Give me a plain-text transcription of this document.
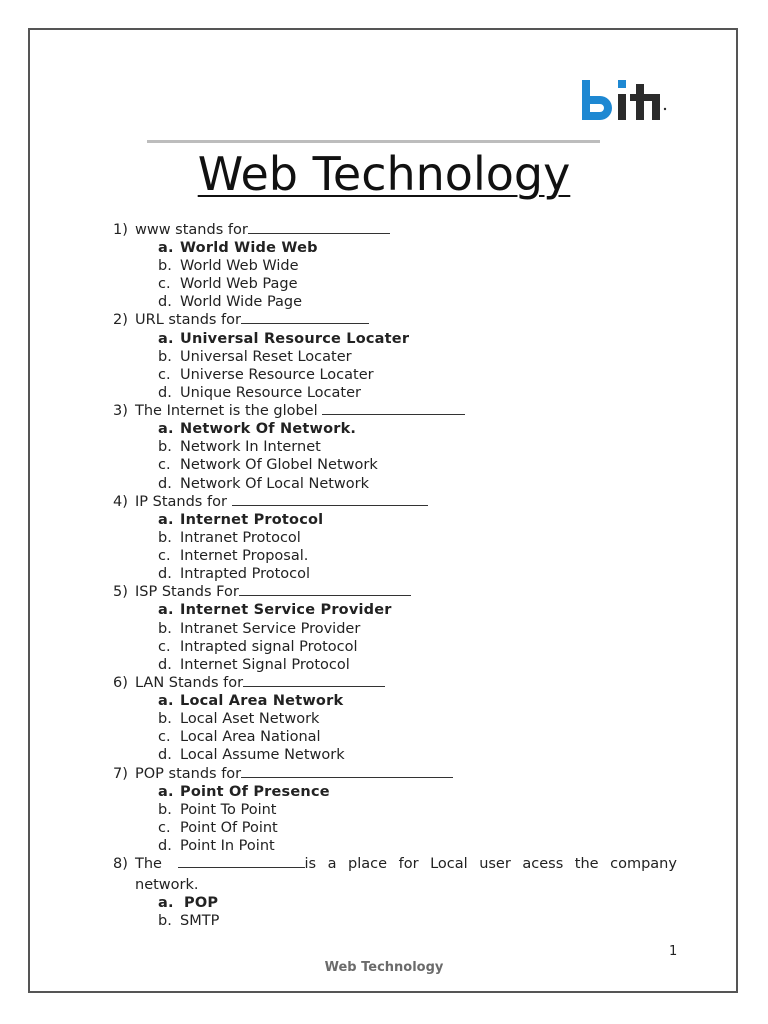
Web Technology
1) www stands for
a. World Wide Web
b. World Web Wide
c. World Web Page
d. World Wide Page
2) URL stands for
a. Universal Resource Locater
b. Universal Reset Locater
c. Universe Resource Locater
d. Unique Resource Locater
3) The Internet is the globel
a. Network Of Network.
b. Network In Internet
c. Network Of Globel Network
d. Network Of Local Network
4) IP Stands for
a. Internet Protocol
b. Intranet Protocol
c. Internet Proposal.
d. Intrapted Protocol
5) ISP Stands For
a. Internet Service Provider
b. Intranet Service Provider
c. Intrapted signal Protocol
d. Internet Signal Protocol
6) LAN Stands for
a. Local Area Network
b. Local Aset Network
c. Local Area National
d. Local Assume Network
7) POP stands for
a. Point Of Presence
b. Point To Point
c. Point Of Point
d. Point In Point
8) The	is a place for Local user acess the company
network.
a. POP
b. SMTP
1
Web Technology
